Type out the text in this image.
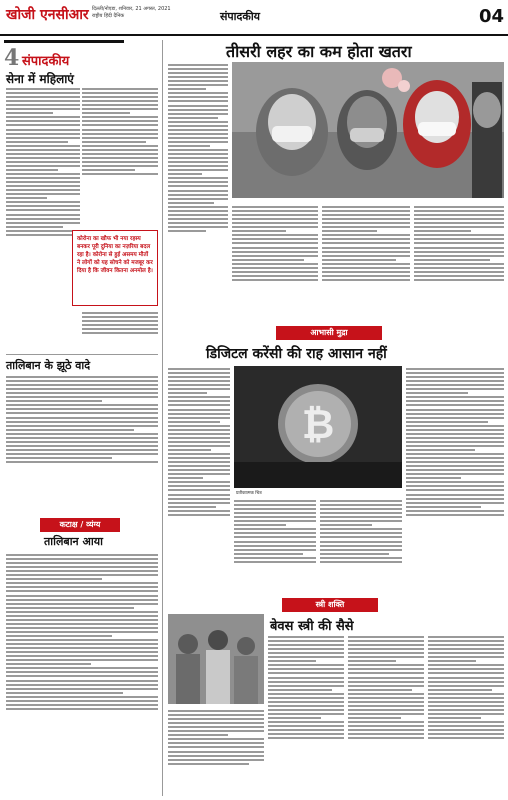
खोजी एनसीआर दिल्ली/नोएडा, शनिवार, 21 अगस्त, 2021
राष्ट्रीय हिंदी दैनिक	संपादकीय	04
4 संपादकीय
सेना में महिलाएं
कोरोना का खौफ भी नया रहस्य बनकर पूरी दुनिया का नज़रिया बदल रहा है। कोरोना से हुई असमय मौतों ने लोगों को यह सोचने को मजबूर कर दिया है कि जीवन कितना अनमोल है।
तालिबान के झूठे वादे
कटाक्ष / व्यंग्य
तालिबान आया
तीसरी लहर का कम होता खतरा
आभासी मुद्रा
डिजिटल करेंसी की राह आसान नहीं
₿
प्रतीकात्मक चित्र
स्त्री शक्ति
बेवस स्त्री की सैसे
